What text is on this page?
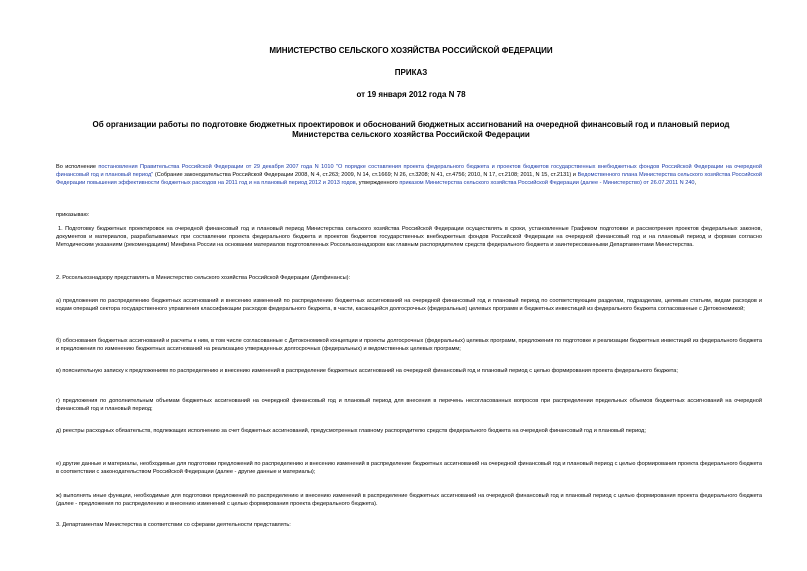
МИНИСТЕРСТВО СЕЛЬСКОГО ХОЗЯЙСТВА РОССИЙСКОЙ ФЕДЕРАЦИИ

ПРИКАЗ

от 19 января 2012 года N 78

Об организации работы по подготовке бюджетных проектировок и обоснований бюджетных ассигнований на очередной финансовый год и плановый период
Министерства сельского хозяйства Российской Федерации

Во исполнение постановления Правительства Российской Федерации от 29 декабря 2007 года N 1010 "О порядке составления проекта федерального бюджета и проектов бюджетов государственных внебюджетных фондов Российской Федерации на очередной финансовый год и плановый период" (Собрание законодательства Российской Федерации 2008, N 4, ст.263; 2009, N 14, ст.1669; N 26, ст.3208; N 41, ст.4756; 2010, N 17, ст.2108; 2011, N 15, ст.2131) и Ведомственного плана Министерства сельского хозяйства Российской Федерации повышения эффективности бюджетных расходов на 2011 год и на плановый период 2012 и 2013 годов, утвержденного приказом Министерства сельского хозяйства Российской Федерации (далее - Министерство) от 26.07.2011 N 240,

приказываю:

1. Подготовку бюджетных проектировок на очередной финансовый год и плановый период Министерства сельского хозяйства Российской Федерации осуществлять в сроки, установленные Графиком подготовки и рассмотрения проектов федеральных законов, документов и материалов, разрабатываемых при составлении проекта федерального бюджета и проектов бюджетов государственных внебюджетных фондов Российской Федерации на очередной финансовый год и на плановый период и формам согласно Методическим указаниям (рекомендациям) Минфина России на основании материалов подготовленных Россельхознадзором как главным распорядителем средств федерального бюджета и заинтересованными Департаментами Министерства.

2. Россельхознадзору представлять в Министерство сельского хозяйства Российской Федерации (Депфинансы):

а) предложения по распределению бюджетных ассигнований и внесению изменений по распределению бюджетных ассигнований на очередной финансовый год и плановый период по соответствующим разделам, подразделам, целевым статьям, видам расходов и кодам операций сектора государственного управления классификации расходов федерального бюджета, в части, касающейся долгосрочных (федеральных) целевых программ и бюджетных инвестиций из федерального бюджета согласованные с Детокономикой;

б) обоснования бюджетных ассигнований и расчеты к ним, в том числе согласованные с Детокономикой концепции и проекты долгосрочных (федеральных) целевых программ, предложения по подготовке и реализации бюджетных инвестиций из федерального бюджета и предложения по изменению бюджетных ассигнований на реализацию утвержденных долгосрочных (федеральных) и ведомственных целевых программ;

в) пояснительную записку к предложениям по распределению и внесению изменений в распределение бюджетных ассигнований на очередной финансовый год и плановый период с целью формирования проекта федерального бюджета;

г) предложения по дополнительным объемам бюджетных ассигнований на очередной финансовый год и плановый период для внесения в перечень несогласованных вопросов при распределении предельных объемов бюджетных ассигнований на очередной финансовый год и плановый период;

д) реестры расходных обязательств, подлежащих исполнению за счет бюджетных ассигнований, предусмотренных главному распорядителю средств федерального бюджета на очередной финансовый год и плановый период;

е) другие данные и материалы, необходимые для подготовки предложений по распределению и внесению изменений в распределение бюджетных ассигнований на очередной финансовый год и плановый период с целью формирования проекта федерального бюджета в соответствии с законодательством Российской Федерации (далее - другие данные и материалы);

ж) выполнять иные функции, необходимые для подготовки предложений по распределению и внесению изменений в распределение бюджетных ассигнований на очередной финансовый год и плановый период с целью формирования проекта федерального бюджета (далее - предложения по распределению и внесению изменений с целью формирования проекта федерального бюджета).

3. Департаментам Министерства в соответствии со сферами деятельности представлять:
